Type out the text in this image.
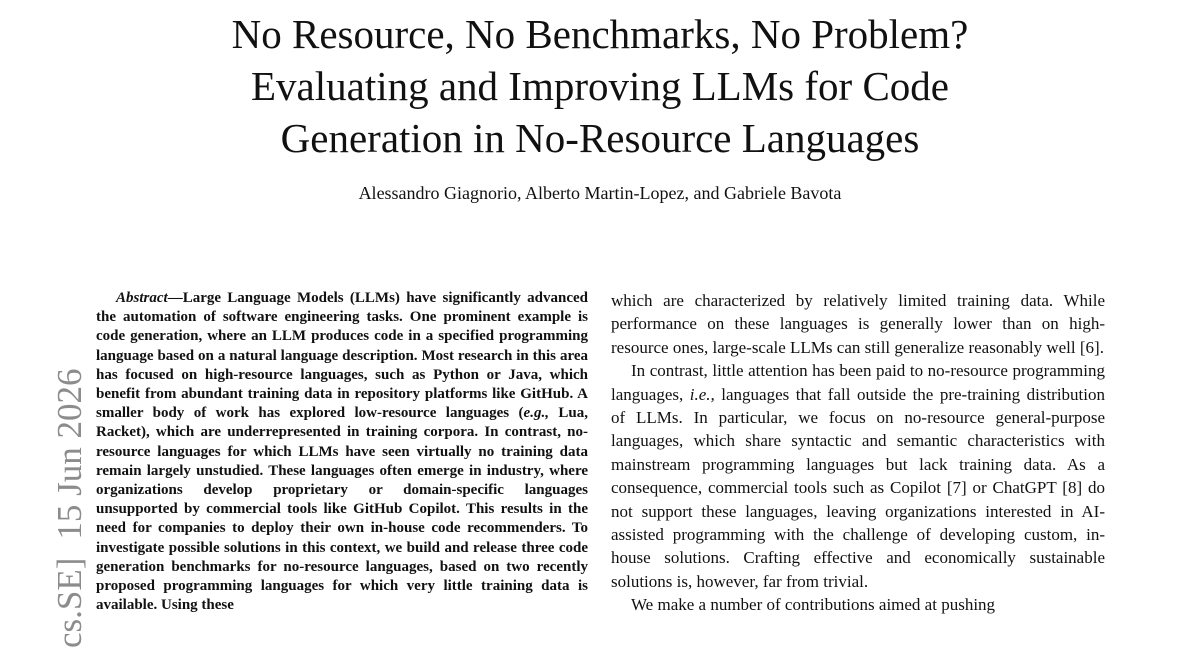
No Resource, No Benchmarks, No Problem?
Evaluating and Improving LLMs for Code
Generation in No-Resource Languages
Alessandro Giagnorio, Alberto Martin-Lopez, and Gabriele Bavota
cs.SE]15 Jun 2026

Abstract—Large Language Models (LLMs) have significantly advanced the automation of software engineering tasks. One prominent example is code generation, where an LLM produces code in a specified programming language based on a natural language description. Most research in this area has focused on high-resource languages, such as Python or Java, which benefit from abundant training data in repository platforms like GitHub. A smaller body of work has explored low-resource languages (e.g., Lua, Racket), which are underrepresented in training corpora. In contrast, no-resource languages for which LLMs have seen virtually no training data remain largely unstudied. These languages often emerge in industry, where organizations develop proprietary or domain-specific languages unsupported by commercial tools like GitHub Copilot. This results in the need for companies to deploy their own in-house code recommenders. To investigate possible solutions in this context, we build and release three code generation benchmarks for no-resource languages, based on two recently proposed programming languages for which very little training data is available. Using these

which are characterized by relatively limited training data. While performance on these languages is generally lower than on high-resource ones, large-scale LLMs can still generalize reasonably well [6].

In contrast, little attention has been paid to no-resource programming languages, i.e., languages that fall outside the pre-training distribution of LLMs. In particular, we focus on no-resource general-purpose languages, which share syntactic and semantic characteristics with mainstream programming languages but lack training data. As a consequence, commercial tools such as Copilot [7] or ChatGPT [8] do not support these languages, leaving organizations interested in AI-assisted programming with the challenge of developing custom, in-house solutions. Crafting effective and economically sustainable solutions is, however, far from trivial.

We make a number of contributions aimed at pushing
